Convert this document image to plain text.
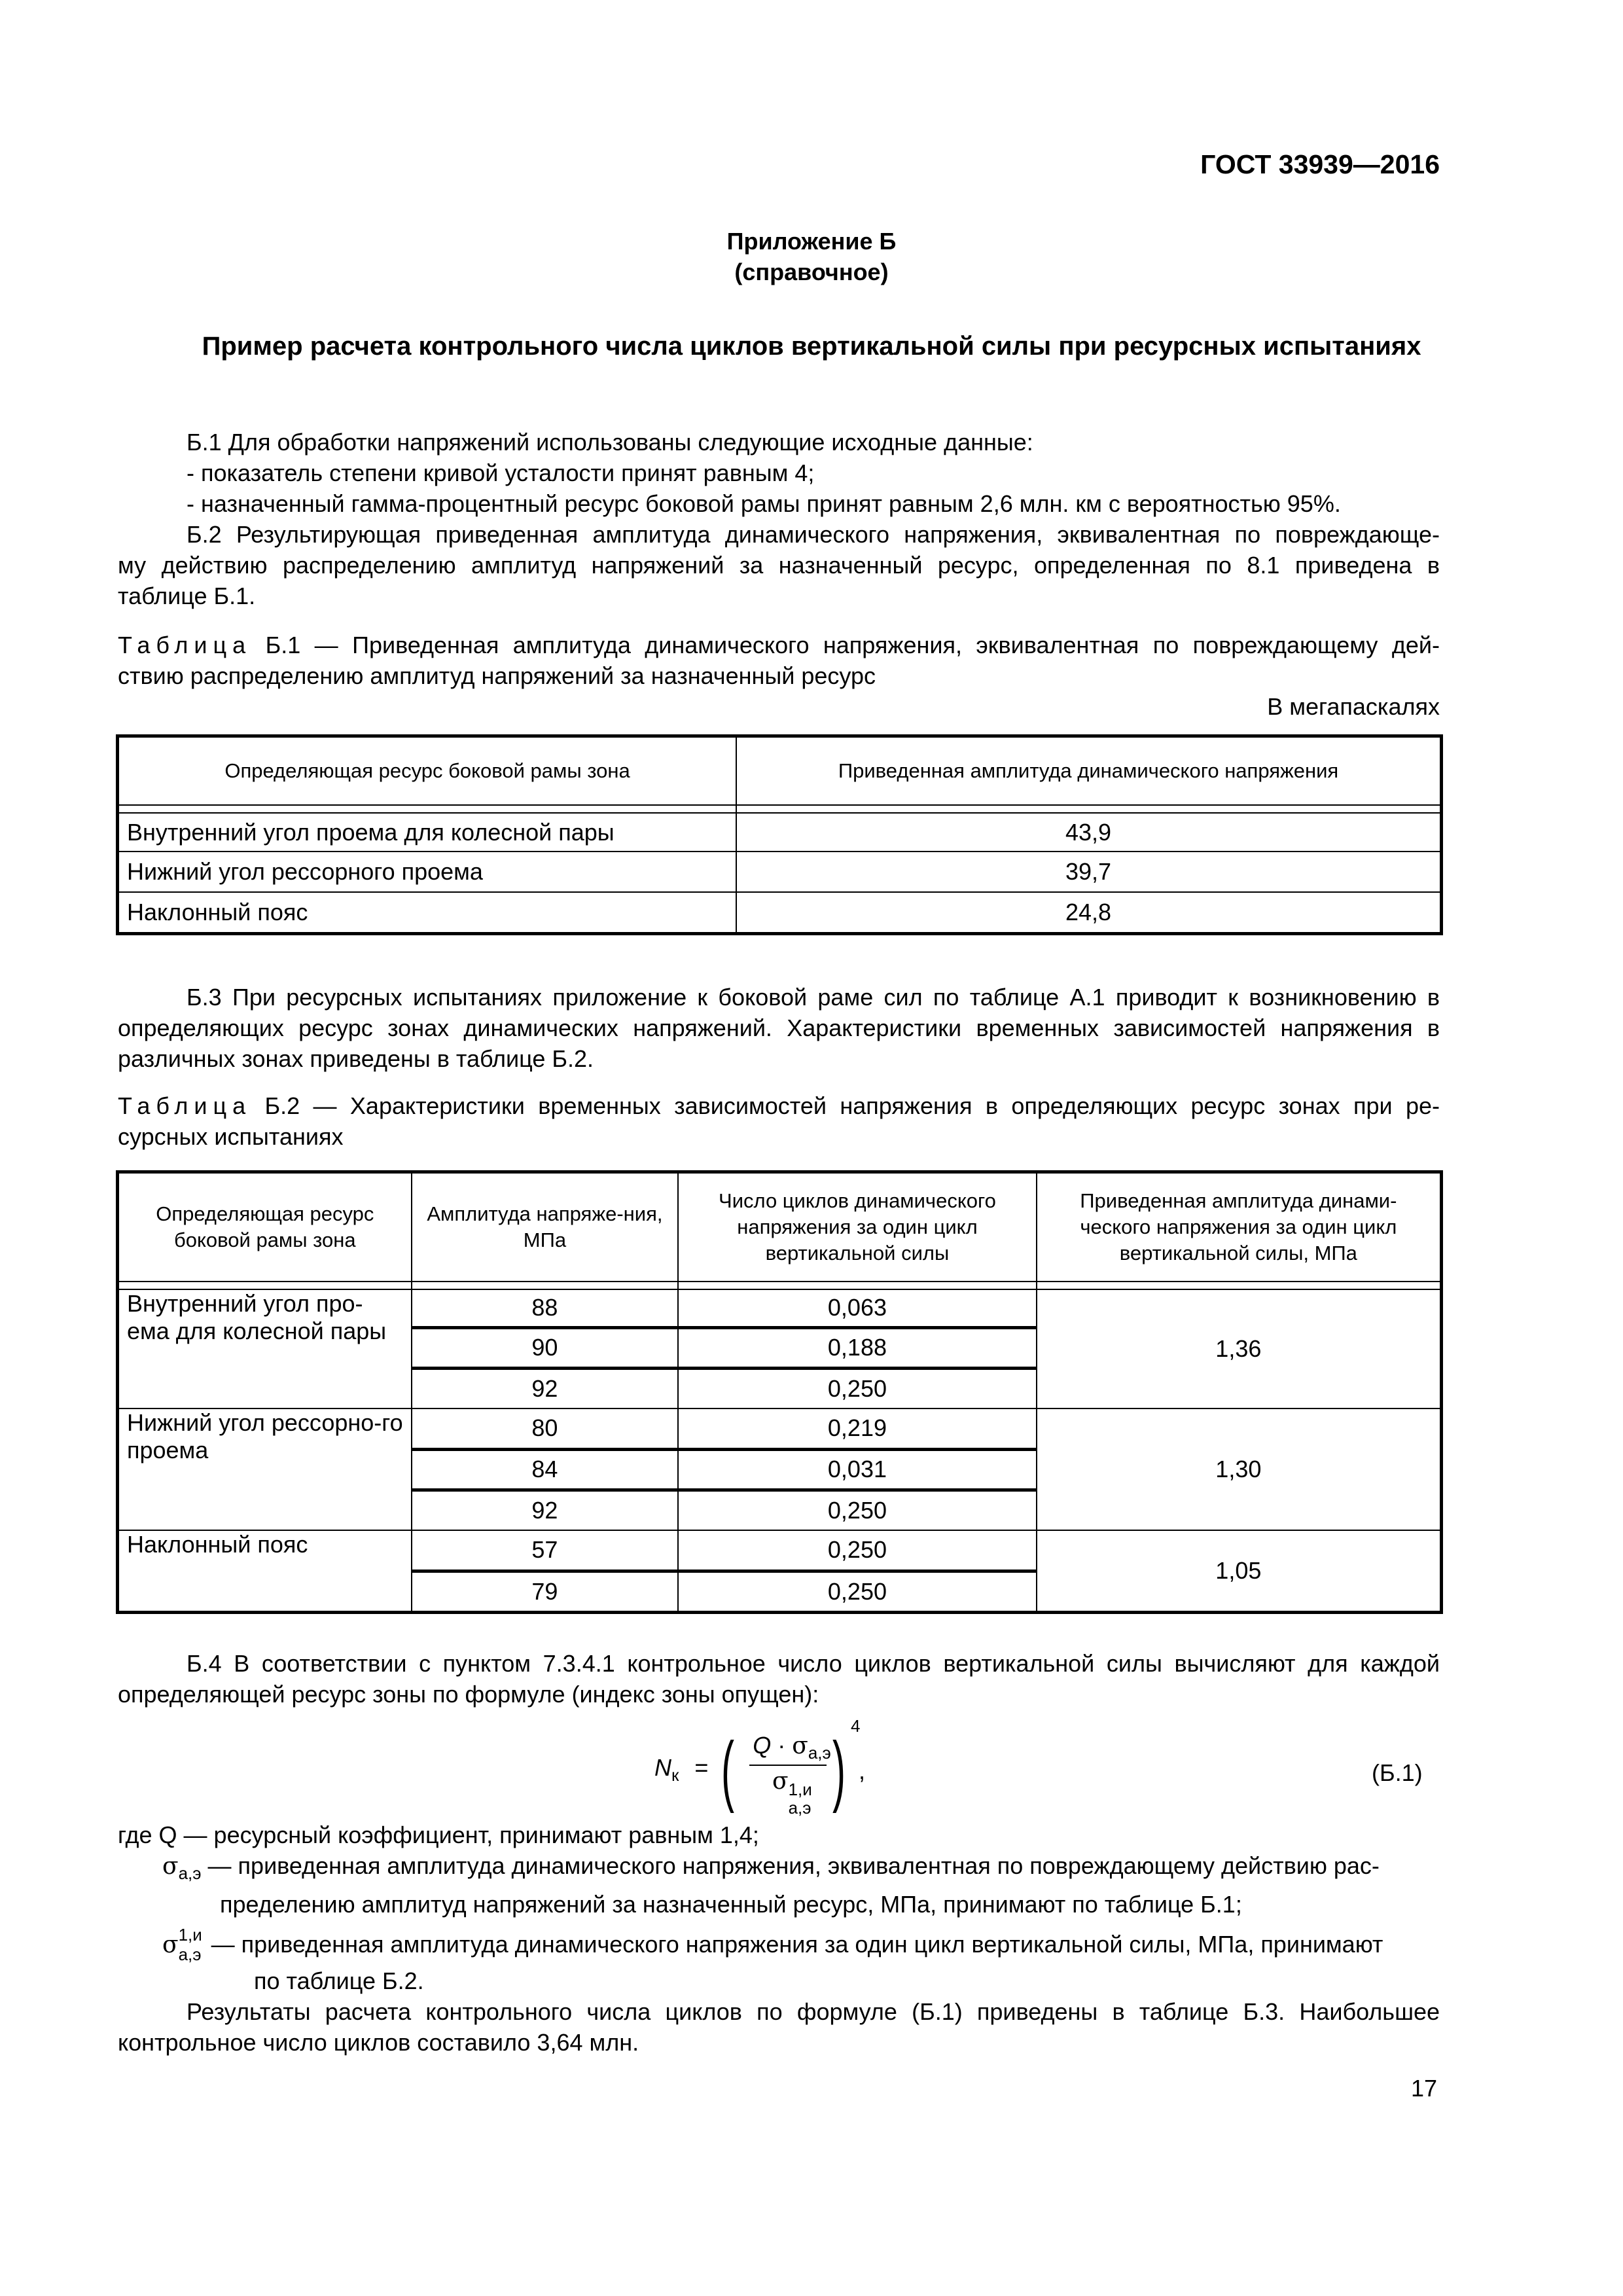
ГОСТ 33939—2016
Приложение Б
(справочное)
Пример расчета контрольного числа циклов вертикальной силы при ресурсных испытаниях
Б.1 Для обработки напряжений использованы следующие исходные данные:
- показатель степени кривой усталости принят равным 4;
- назначенный гамма-процентный ресурс боковой рамы принят равным 2,6 млн. км с вероятностью 95%.
Б.2 Результирующая приведенная амплитуда динамического напряжения, эквивалентная по повреждающе-
му действию распределению амплитуд напряжений за назначенный ресурс, определенная по 8.1 приведена в
таблице Б.1.
Таблица Б.1 — Приведенная амплитуда динамического напряжения, эквивалентная по повреждающему дей-
ствию распределению амплитуд напряжений за назначенный ресурс
В мегапаскалях
Определяющая ресурс боковой рамы зона	Приведенная амплитуда динамического напряжения

Внутренний угол проема для колесной пары	43,9
Нижний угол рессорного проема	39,7
Наклонный пояс	24,8
Б.3 При ресурсных испытаниях приложение к боковой раме сил по таблице А.1 приводит к возникновению в
определяющих ресурс зонах динамических напряжений. Характеристики временных зависимостей напряжения в
различных зонах приведены в таблице Б.2.
Таблица Б.2 — Характеристики временных зависимостей напряжения в определяющих ресурс зонах при ре-
сурсных испытаниях
Определяющая ресурс боковой рамы зона	Амплитуда напряже-ния, МПа	Число циклов динамического напряжения за один цикл вертикальной силы	Приведенная амплитуда динами-ческого напряжения за один цикл вертикальной силы, МПа

Внутренний угол про-ема для колесной пары	88	0,063	1,36
	90	0,188	
	92	0,250	
Нижний угол рессорно-го проема	80	0,219	1,30
	84	0,031	
	92	0,250	
Наклонный пояс	57	0,250	1,05
	79	0,250	
Б.4 В соответствии с пунктом 7.3.4.1 контрольное число циклов вертикальной силы вычисляют для каждой
определяющей ресурс зоны по формуле (индекс зоны опущен):
$N_к$ = ( $Q \cdot \sigma_{а,э}$
σ 1,и
а,э ) 4
,	(Б.1)
где Q — ресурсный коэффициент, принимают равным 1,4;
$\sigma_{а,э}$ — приведенная амплитуда динамического напряжения, эквивалентная по повреждающему действию рас-
пределению амплитуд напряжений за назначенный ресурс, МПа, принимают по таблице Б.1;
σ 1,и
а,э — приведенная амплитуда динамического напряжения за один цикл вертикальной силы, МПа, принимают
по таблице Б.2.
Результаты расчета контрольного числа циклов по формуле (Б.1) приведены в таблице Б.3. Наибольшее
контрольное число циклов составило 3,64 млн.
17
